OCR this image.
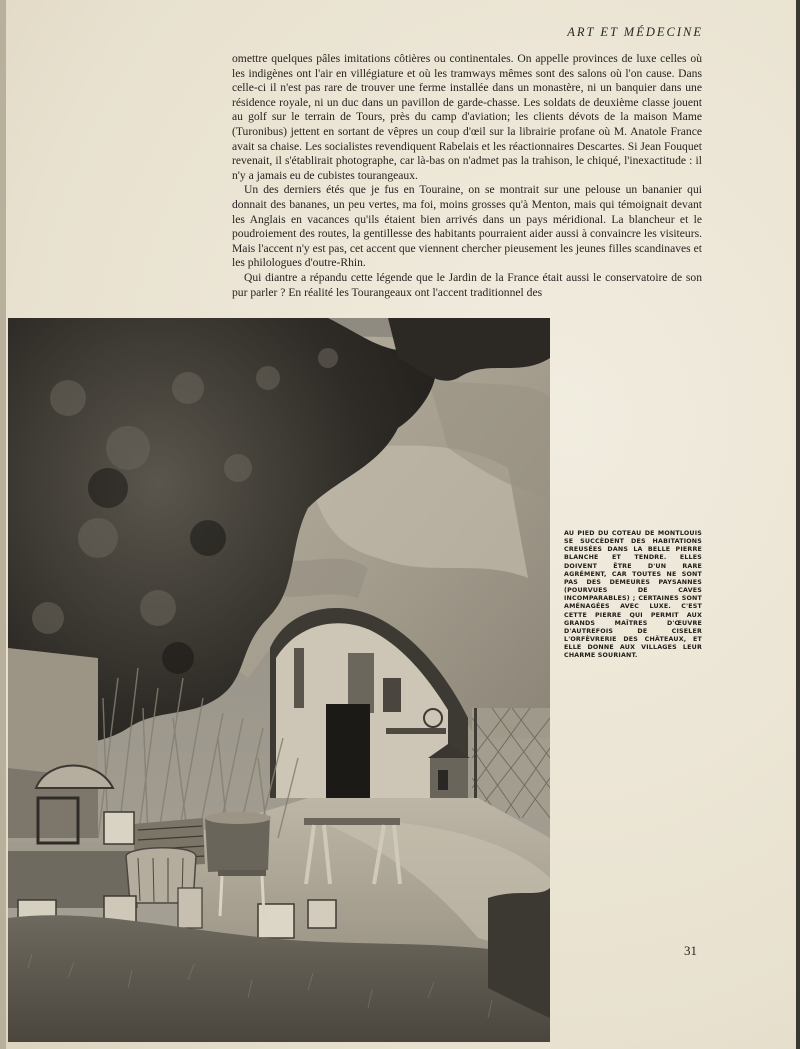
ART ET MÉDECINE

omettre quelques pâles imitations côtières ou continentales. On appelle provinces de luxe celles où les indigènes ont l'air en villégiature et où les tramways mêmes sont des salons où l'on cause. Dans celle-ci il n'est pas rare de trouver une ferme installée dans un monastère, ni un banquier dans une résidence royale, ni un duc dans un pavillon de garde-chasse. Les soldats de deuxième classe jouent au golf sur le terrain de Tours, près du camp d'aviation; les clients dévots de la maison Mame (Turonibus) jettent en sortant de vêpres un coup d'œil sur la librairie profane où M. Anatole France avait sa chaise. Les socialistes revendiquent Rabelais et les réactionnaires Descartes. Si Jean Fouquet revenait, il s'établirait photographe, car là-bas on n'admet pas la trahison, le chiqué, l'inexactitude : il n'y a jamais eu de cubistes tourangeaux.

Un des derniers étés que je fus en Touraine, on se montrait sur une pelouse un bananier qui donnait des bananes, un peu vertes, ma foi, moins grosses qu'à Menton, mais qui témoignait devant les Anglais en vacances qu'ils étaient bien arrivés dans un pays méridional. La blancheur et le poudroiement des routes, la gentillesse des habitants pourraient aider aussi à convaincre les visiteurs. Mais l'accent n'y est pas, cet accent que viennent chercher pieusement les jeunes filles scandinaves et les philologues d'outre-Rhin.

Qui diantre a répandu cette légende que le Jardin de la France était aussi le conservatoire de son pur parler ? En réalité les Tourangeaux ont l'accent traditionnel des

AU PIED DU COTEAU DE MONTLOUIS SE SUCCÈDENT DES HABITATIONS CREUSÉES DANS LA BELLE PIERRE BLANCHE ET TENDRE. ELLES DOIVENT ÊTRE D'UN RARE AGRÉMENT, CAR TOUTES NE SONT PAS DES DEMEURES PAYSANNES (POURVUES DE CAVES INCOMPARABLES) ; CERTAINES SONT AMÉNAGÉES AVEC LUXE. C'EST CETTE PIERRE QUI PERMIT AUX GRANDS MAÎTRES D'ŒUVRE D'AUTREFOIS DE CISELER L'ORFÈVRERIE DES CHÂTEAUX, ET ELLE DONNE AUX VILLAGES LEUR CHARME SOURIANT.
31
